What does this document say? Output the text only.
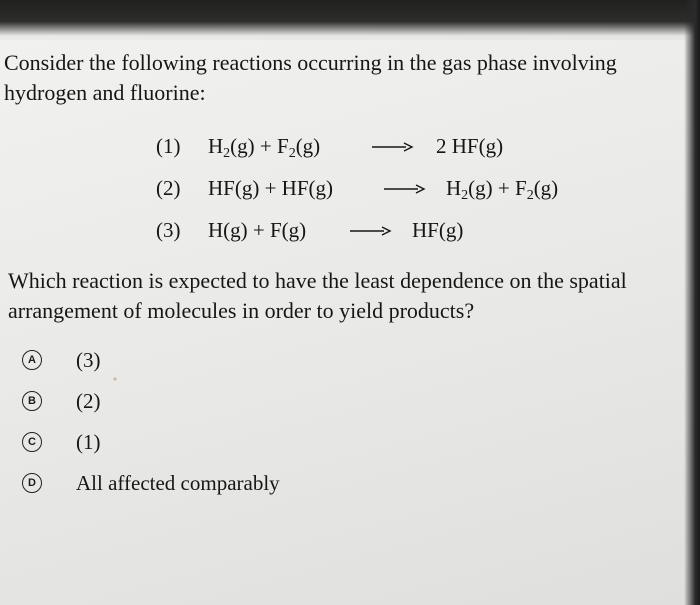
Consider the following reactions occurring in the gas phase involving hydrogen and fluorine:

(1) $H_2(g) + F_2(g) \to 2$ HF(g)
(2) $HF(g) + HF(g) \to H_2(g) + F_2(g)$
(3) H(g) + F(g) → HF(g)

Which reaction is expected to have the least dependence on the spatial arrangement of molecules in order to yield products?

A (3)
B (2)
C (1)
D All affected comparably
